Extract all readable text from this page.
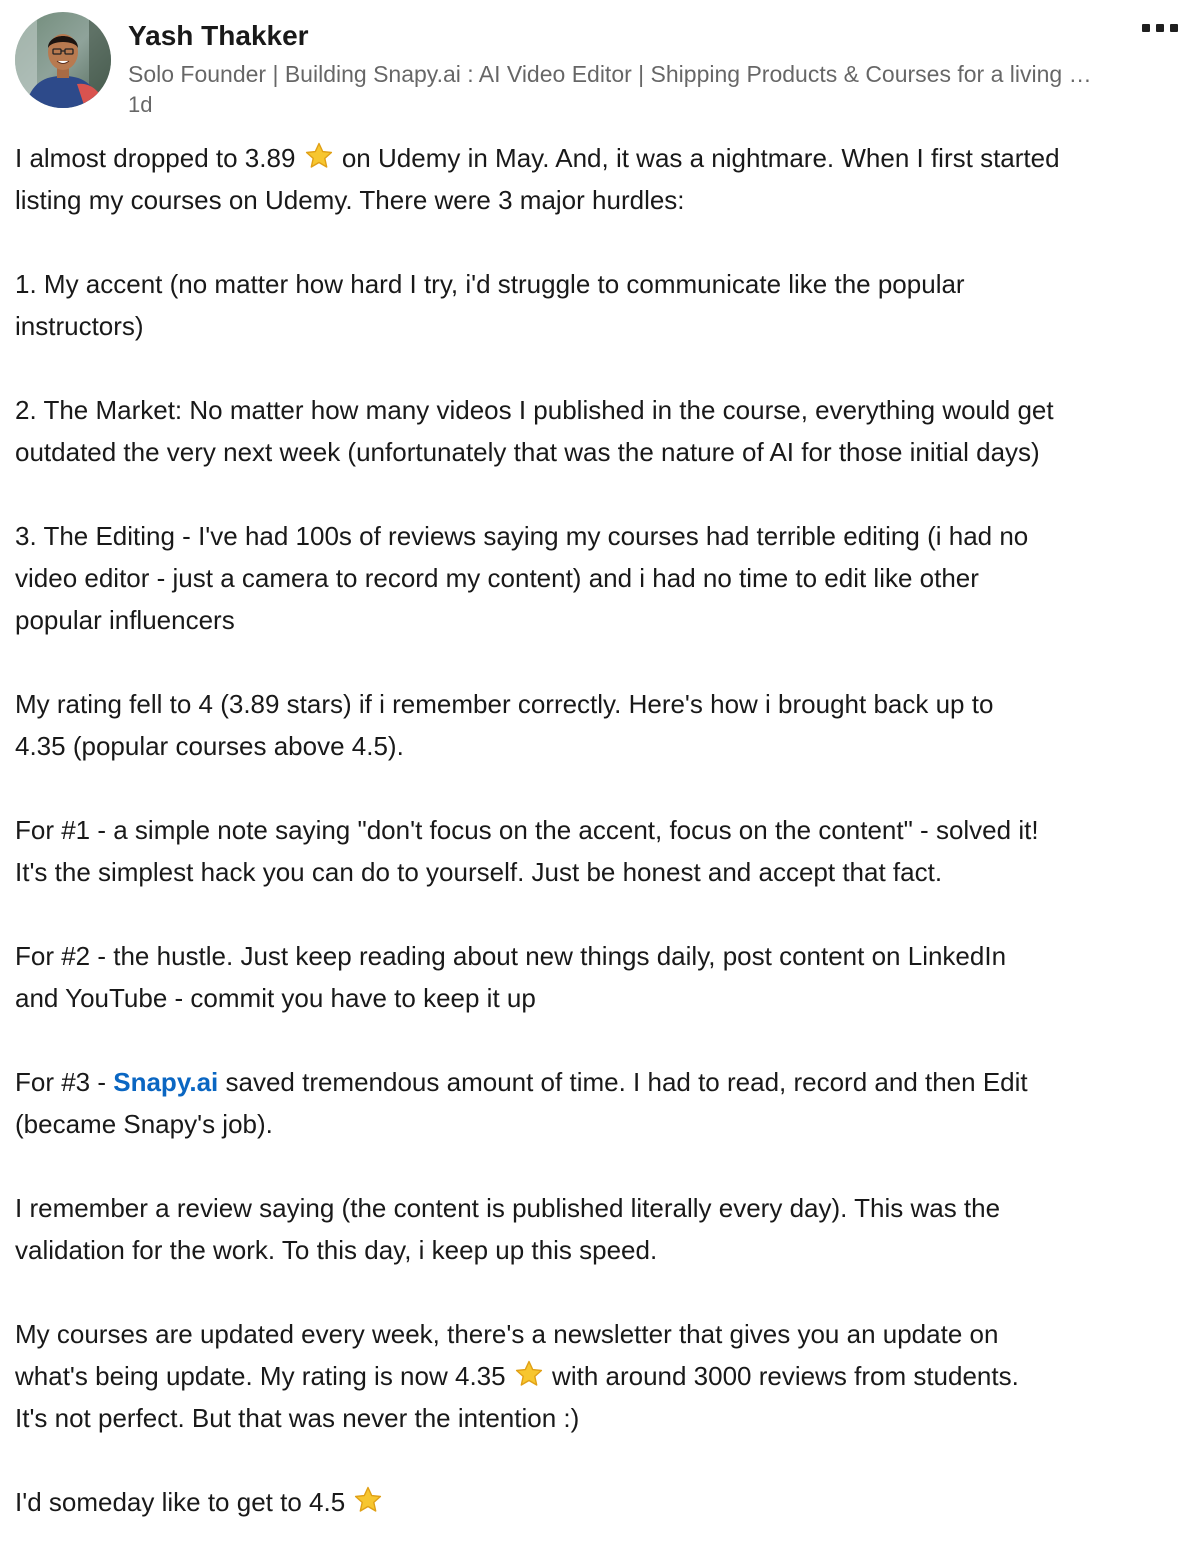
Yash Thakker
Solo Founder | Building Snapy.ai : AI Video Editor | Shipping Products & Courses for a living …
1d

I almost dropped to 3.89  on Udemy in May. And, it was a nightmare. When I first started
listing my courses on Udemy. There were 3 major hurdles:

1. My accent (no matter how hard I try, i'd struggle to communicate like the popular
instructors)

2. The Market: No matter how many videos I published in the course, everything would get
outdated the very next week (unfortunately that was the nature of AI for those initial days)

3. The Editing - I've had 100s of reviews saying my courses had terrible editing (i had no
video editor - just a camera to record my content) and i had no time to edit like other
popular influencers

My rating fell to 4 (3.89 stars) if i remember correctly. Here's how i brought back up to
4.35 (popular courses above 4.5).

For #1 - a simple note saying "don't focus on the accent, focus on the content" - solved it!
It's the simplest hack you can do to yourself. Just be honest and accept that fact.

For #2 - the hustle. Just keep reading about new things daily, post content on LinkedIn
and YouTube - commit you have to keep it up

For #3 - Snapy.ai saved tremendous amount of time. I had to read, record and then Edit
(became Snapy's job).

I remember a review saying (the content is published literally every day). This was the
validation for the work. To this day, i keep up this speed.

My courses are updated every week, there's a newsletter that gives you an update on
what's being update. My rating is now 4.35  with around 3000 reviews from students.
It's not perfect. But that was never the intention :)

I'd someday like to get to 4.5
